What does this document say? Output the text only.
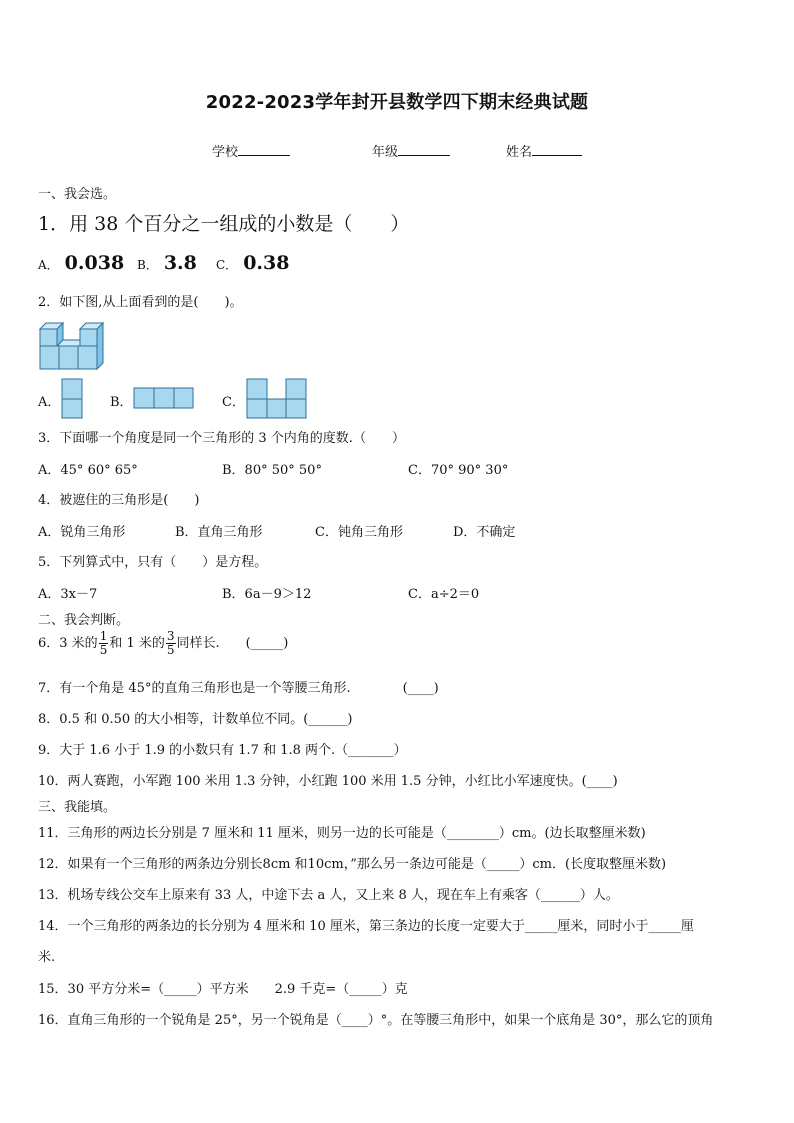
2022-2023学年封开县数学四下期末经典试题
学校	年级	姓名
一、我会选。
1．用 38 个百分之一组成的小数是（　　）
A． 0.038 B． 3.8 C． 0.38
2．如下图,从上面看到的是(　　)。
A．	B．	C．
3．下面哪一个角度是同一个三角形的 3 个内角的度数.（　　）
A．45° 60° 65°	B．80° 50° 50°	C．70° 90° 30°
4．被遮住的三角形是(　　)
A．锐角三角形	B．直角三角形	C．钝角三角形	D．不确定
5．下列算式中，只有（　　）是方程。
A．3x－7	B．6a－9＞12	C．a÷2＝0
二、我会判断。
6．3 米的 $\frac{1}{5}$ 和 1 米的 $\frac{3}{5}$ 同样长.　　(_____)
7．有一个角是 45°的直角三角形也是一个等腰三角形.　　　　(____)
8．0.5 和 0.50 的大小相等，计数单位不同。(______)
9．大于 1.6 小于 1.9 的小数只有 1.7 和 1.8 两个.（_______）
10．两人赛跑，小军跑 100 米用 1.3 分钟，小红跑 100 米用 1.5 分钟，小红比小军速度快。(____)
三、我能填。
11．三角形的两边长分别是 7 厘米和 11 厘米，则另一边的长可能是（________）cm。(边长取整厘米数)
12．如果有一个三角形的两条边分别长8cm 和10cm，”那么另一条边可能是（_____）cm．(长度取整厘米数)
13．机场专线公交车上原来有 33 人，中途下去 a 人，又上来 8 人，现在车上有乘客（______）人。
14．一个三角形的两条边的长分别为 4 厘米和 10 厘米，第三条边的长度一定要大于_____厘米，同时小于_____厘
米.
15．30 平方分米=（_____）平方米　　2.9 千克=（_____）克
16．直角三角形的一个锐角是 25°，另一个锐角是（____）°。在等腰三角形中，如果一个底角是 30°，那么它的顶角
